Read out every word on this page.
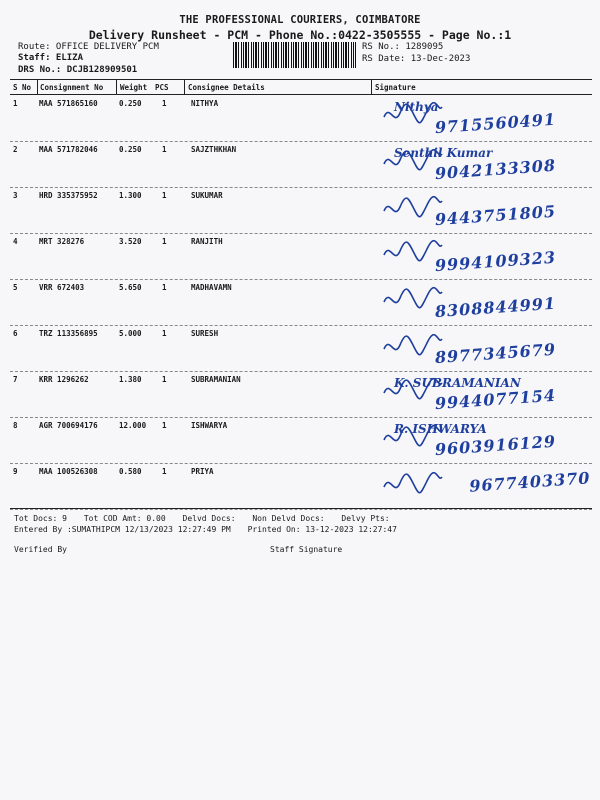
THE PROFESSIONAL COURIERS, COIMBATORE
Delivery Runsheet - PCM - Phone No.:0422-3505555 - Page No.:1
Route: OFFICE DELIVERY PCM
Staff: ELIZA
DRS No.: DCJB128909501
RS No.: 1289095
RS Date: 13-Dec-2023
S No Consignment No Weight PCS	Consignee Details	Signature
1	MAA 571865160	0.250	1	NITHYA	Nithya
9715560491
2	MAA 571782046	0.250	1	SAJZTHKHAN	Senthil Kumar
9042133308
3	HRD 335375952	1.300	1	SUKUMAR
9443751805
4	MRT 328276	3.520	1	RANJITH
9994109323
5	VRR 672403	5.650	1	MADHAVAMN
8308844991
6	TRZ 113356895	5.000	1	SURESH
8977345679
7	KRR 1296262	1.380	1	SUBRAMANIAN	K. SUBRAMANIAN
9944077154
8	AGR 700694176	12.000 1	ISHWARYA	R. ISHWARYA
9603916129
9	MAA 100526308	0.580	1	PRIYA	9677403370
Tot Docs: 9 Tot COD Amt: 0.00 Delvd Docs: Non Delvd Docs: Delvy Pts:
Entered By :SUMATHIPCM 12/13/2023 12:27:49 PM Printed On: 13-12-2023 12:27:47
Verified By	Staff Signature
